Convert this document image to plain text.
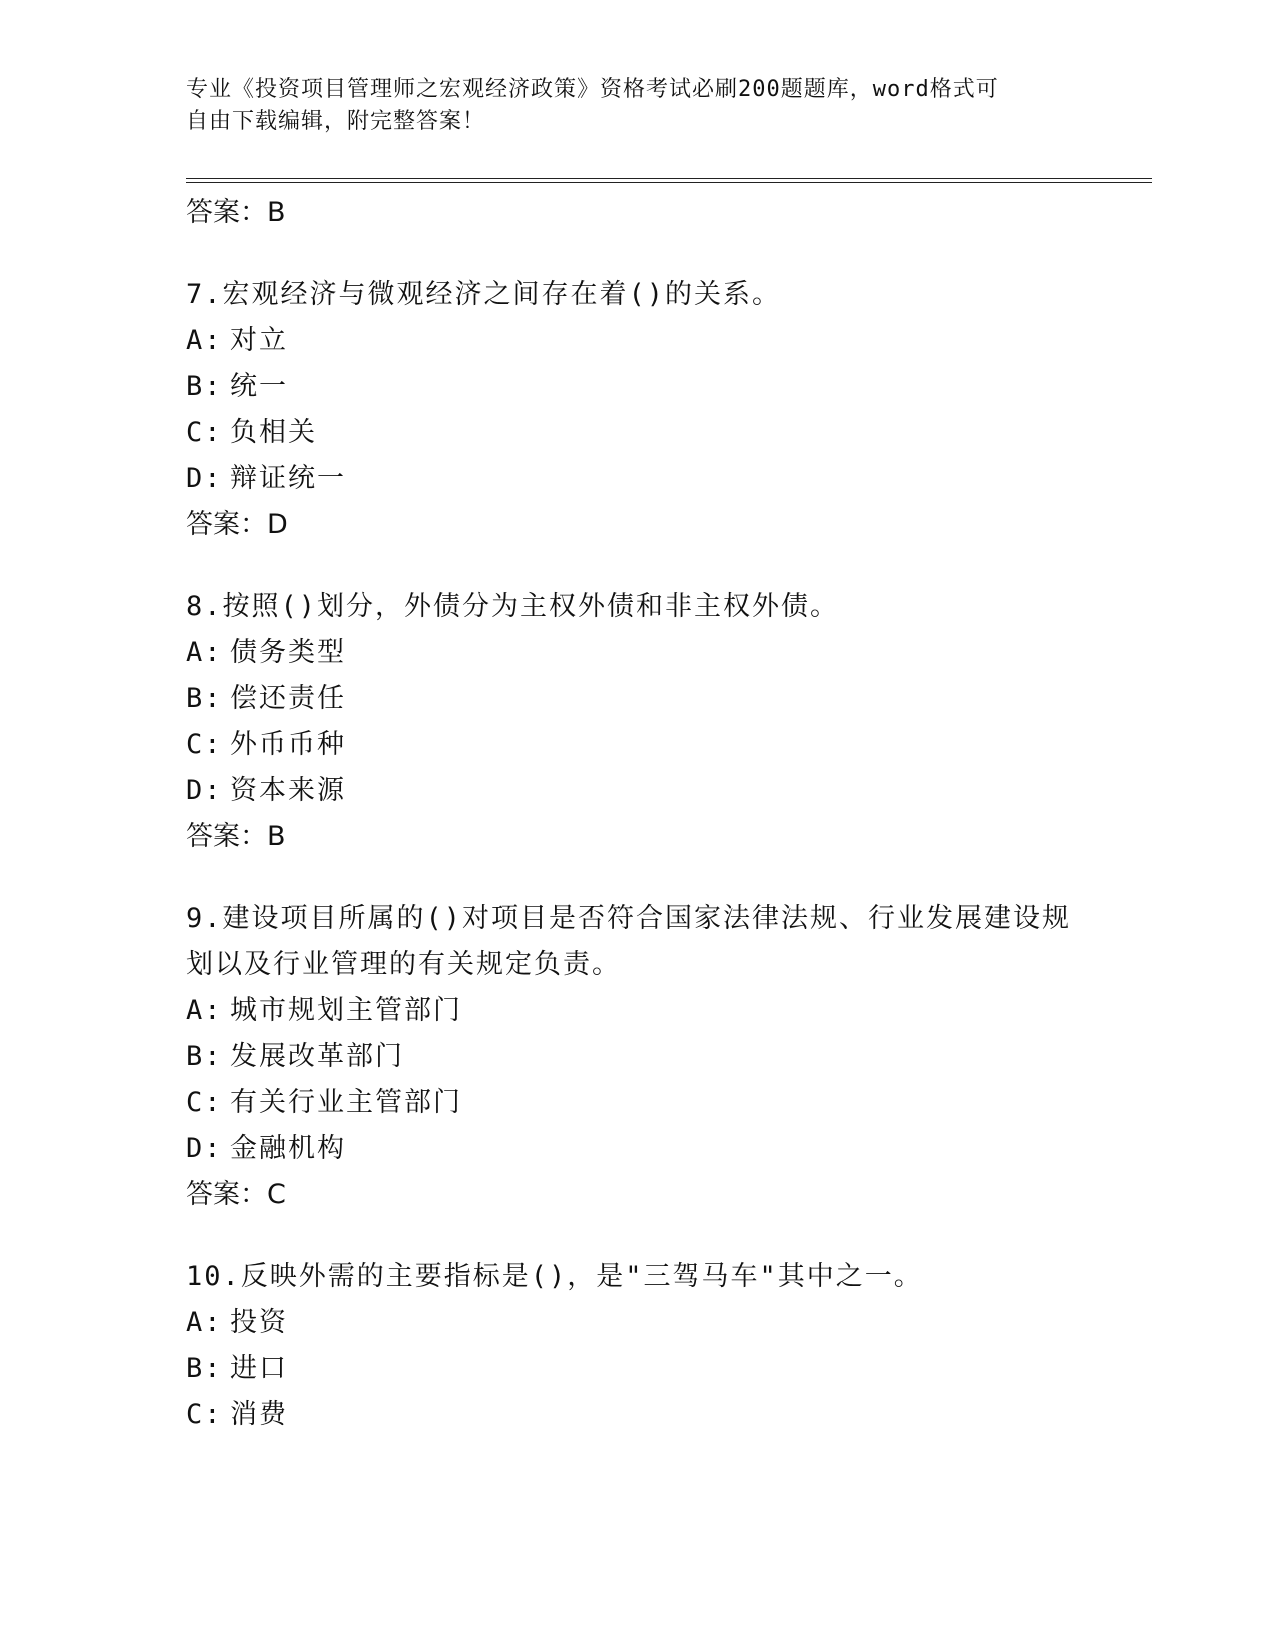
专业《投资项目管理师之宏观经济政策》资格考试必刷200题题库，word格式可
自由下载编辑，附完整答案！

答案：B

7.宏观经济与微观经济之间存在着()的关系。

A: 对立
B: 统一
C: 负相关
D: 辩证统一

答案：D

8.按照()划分，外债分为主权外债和非主权外债。

A: 债务类型
B: 偿还责任
C: 外币币种
D: 资本来源

答案：B

9.建设项目所属的()对项目是否符合国家法律法规、行业发展建设规

划以及行业管理的有关规定负责。

A: 城市规划主管部门
B: 发展改革部门
C: 有关行业主管部门
D: 金融机构

答案：C

10.反映外需的主要指标是()，是"三驾马车"其中之一。

A: 投资
B: 进口
C: 消费
